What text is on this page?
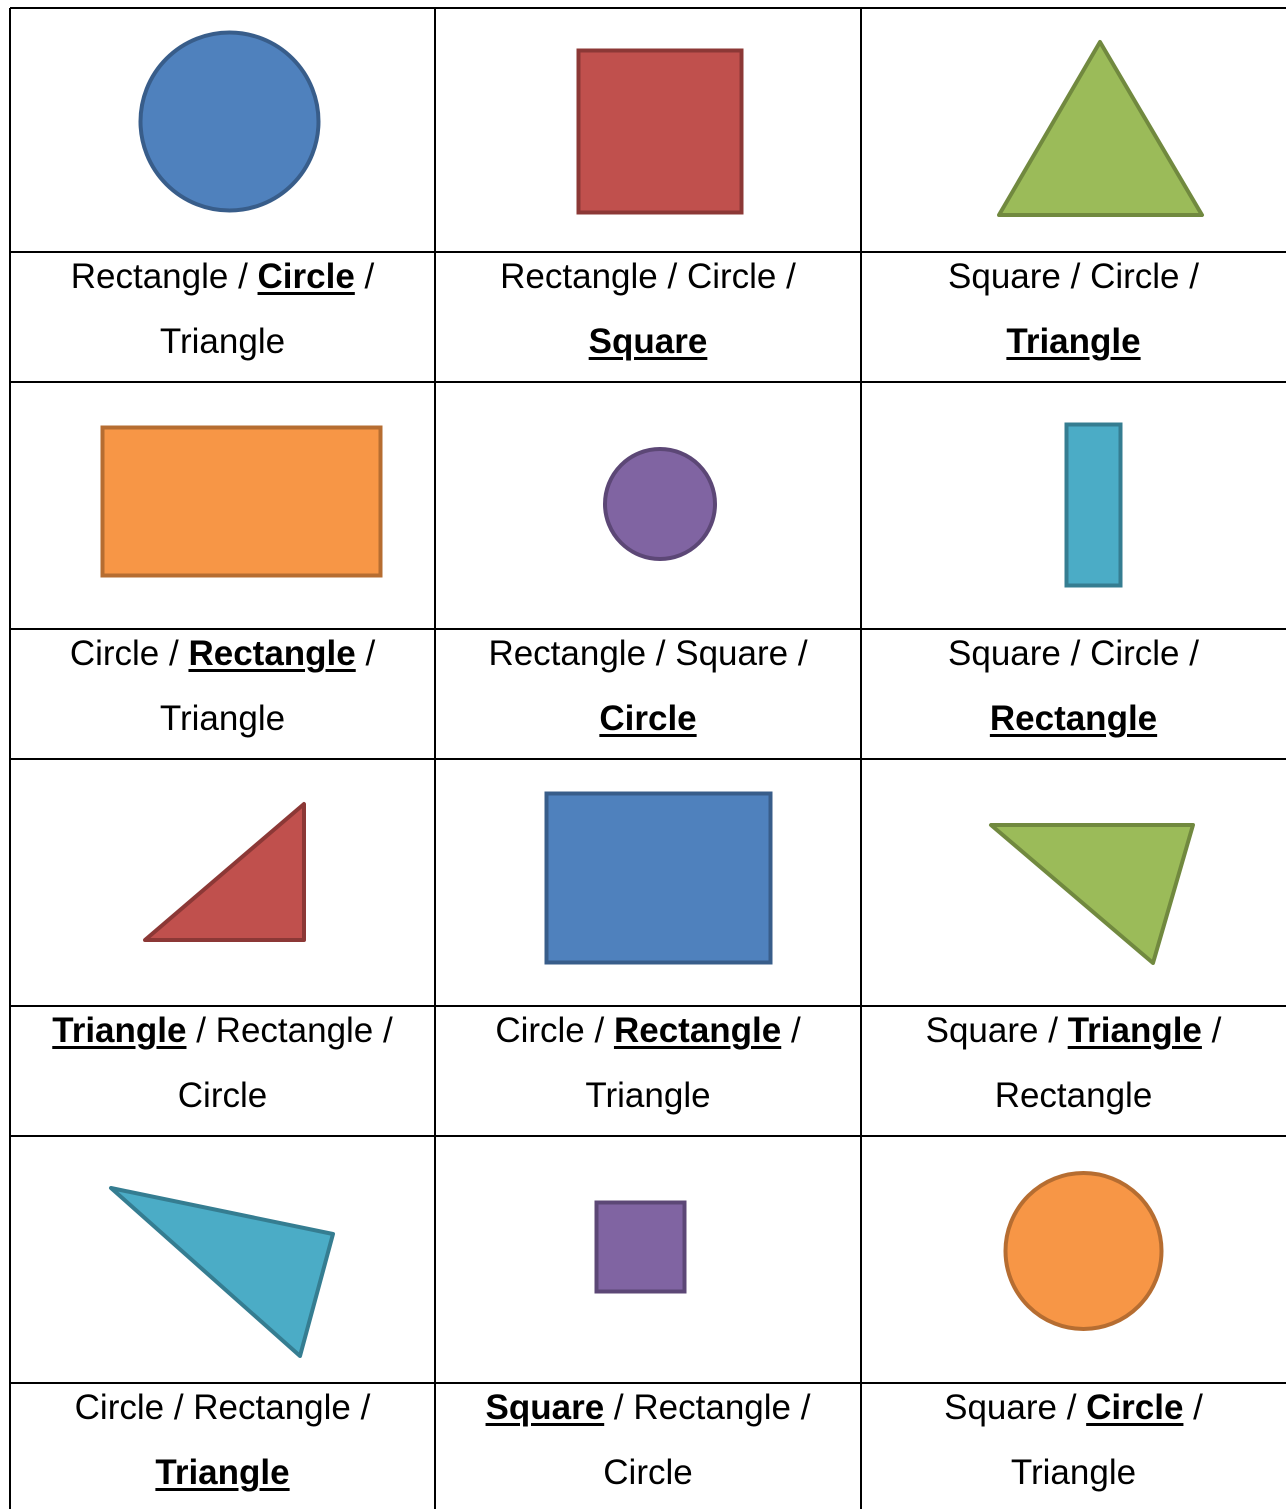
Rectangle / Circle /
Triangle
Rectangle / Circle /
Square
Square / Circle /
Triangle
Circle / Rectangle /
Triangle
Rectangle / Square /
Circle
Square / Circle /
Rectangle
Triangle / Rectangle /
Circle
Circle / Rectangle /
Triangle
Square / Triangle /
Rectangle
Circle / Rectangle /
Triangle
Square / Rectangle /
Circle
Square / Circle /
Triangle
